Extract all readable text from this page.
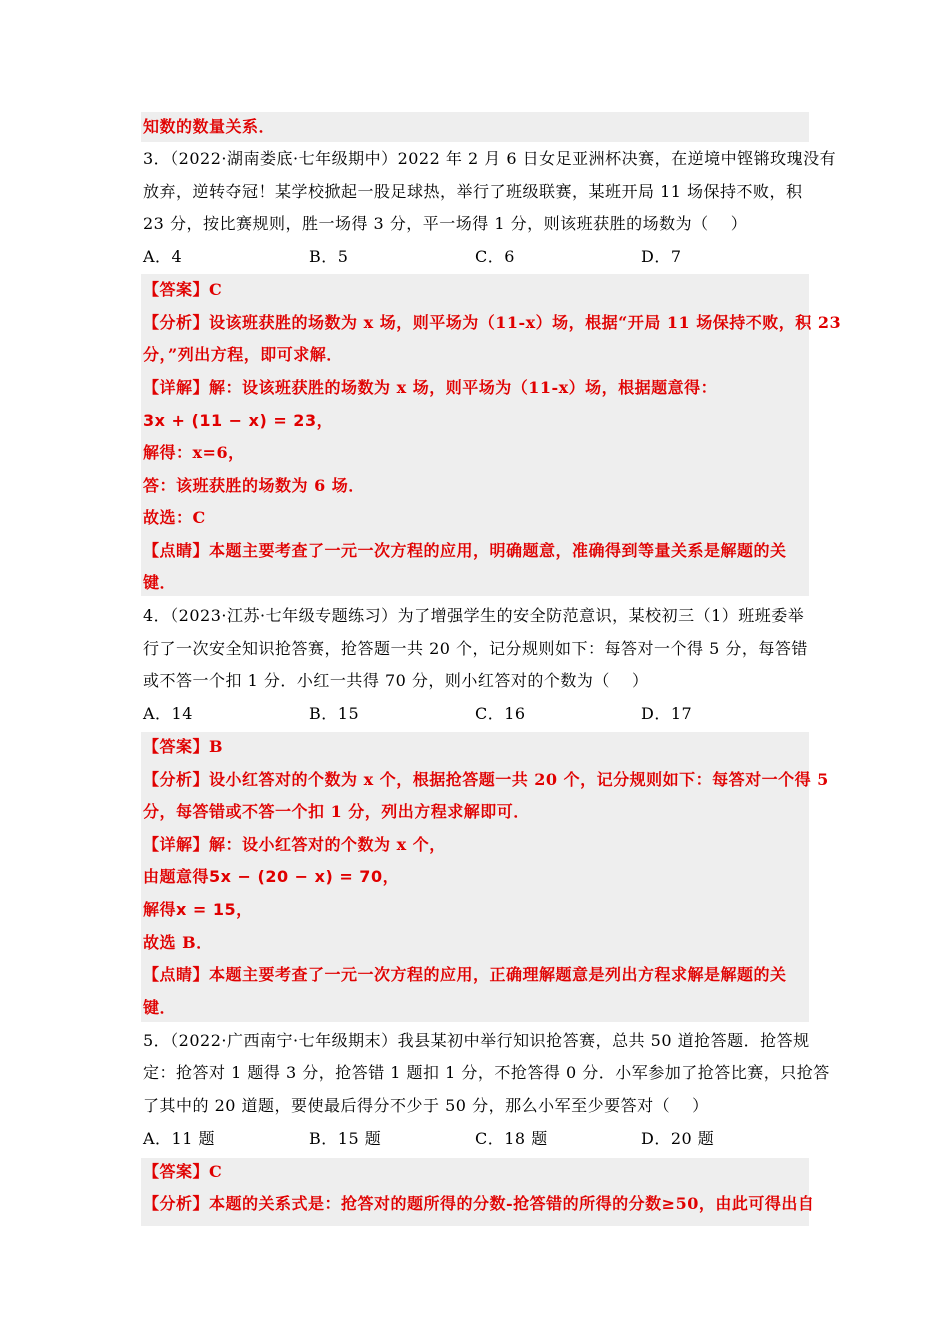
知数的数量关系．
3．（2022·湖南娄底·七年级期中）2022 年 2 月 6 日女足亚洲杯决赛，在逆境中铿锵玫瑰没有
放弃，逆转夺冠！某学校掀起一股足球热，举行了班级联赛，某班开局 11 场保持不败，积
23 分，按比赛规则，胜一场得 3 分，平一场得 1 分，则该班获胜的场数为（　 ）
A．4	B．5	C．6	D．7
【答案】C
【分析】设该班获胜的场数为 x 场，则平场为（11-x）场，根据“开局 11 场保持不败，积 23
分，”列出方程，即可求解．
【详解】解：设该班获胜的场数为 x 场，则平场为（11-x）场，根据题意得：
3x + (11 − x) = 23，
解得：x=6，
答：该班获胜的场数为 6 场．
故选：C
【点睛】本题主要考查了一元一次方程的应用，明确题意，准确得到等量关系是解题的关
键．
4．（2023·江苏·七年级专题练习）为了增强学生的安全防范意识，某校初三（1）班班委举
行了一次安全知识抢答赛，抢答题一共 20 个，记分规则如下：每答对一个得 5 分，每答错
或不答一个扣 1 分．小红一共得 70 分，则小红答对的个数为（　 ）
A．14	B．15	C．16	D．17
【答案】B
【分析】设小红答对的个数为 x 个，根据抢答题一共 20 个，记分规则如下：每答对一个得 5
分，每答错或不答一个扣 1 分，列出方程求解即可．
【详解】解：设小红答对的个数为 x 个，
由题意得5x − (20 − x) = 70，
解得x = 15，
故选 B．
【点睛】本题主要考查了一元一次方程的应用，正确理解题意是列出方程求解是解题的关
键．
5．（2022·广西南宁·七年级期末）我县某初中举行知识抢答赛，总共 50 道抢答题．抢答规
定：抢答对 1 题得 3 分，抢答错 1 题扣 1 分，不抢答得 0 分．小军参加了抢答比赛，只抢答
了其中的 20 道题，要使最后得分不少于 50 分，那么小军至少要答对（　 ）
A．11 题	B．15 题	C．18 题	D．20 题
【答案】C
【分析】本题的关系式是：抢答对的题所得的分数-抢答错的所得的分数≥50，由此可得出自
